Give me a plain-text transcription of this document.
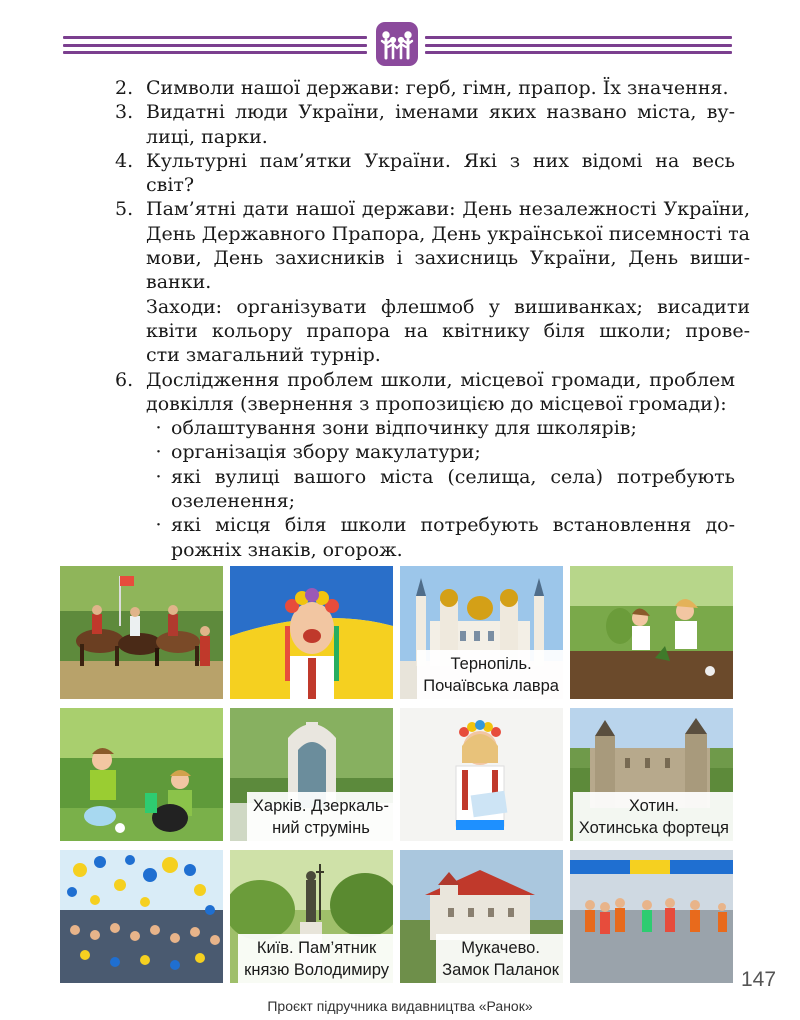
2. Символи нашої держави: герб, гімн, прапор. Їх значення.
3. Видатні люди України, іменами яких названо міста, ву-
лиці, парки.
4. Культурні пам’ятки України. Які з них відомі на весь
світ?
5. Пам’ятні дати нашої держави: День незалежності України,
День Державного Прапора, День української писемності та
мови, День захисників і захисниць України, День виши-
ванки.
Заходи: організувати флешмоб у вишиванках; висадити
квіти кольору прапора на квітнику біля школи; прове-
сти змагальний турнір.
6. Дослідження проблем школи, місцевої громади, проблем
довкілля (звернення з пропозицією до місцевої громади):
· облаштування зони відпочинку для школярів;
· організація збору макулатури;
· які вулиці вашого міста (селища, села) потребують
озеленення;
· які місця біля школи потребують встановлення до-
рожніх знаків, огорож.
Тернопіль.
Почаївська лавра
Харків. Дзеркаль-
ний струмінь
Хотин.
Хотинська фортеця
Київ. Пам’ятник
князю Володимиру
Мукачево.
Замок Паланок	147
Проєкт підручника видавництва «Ранок»
